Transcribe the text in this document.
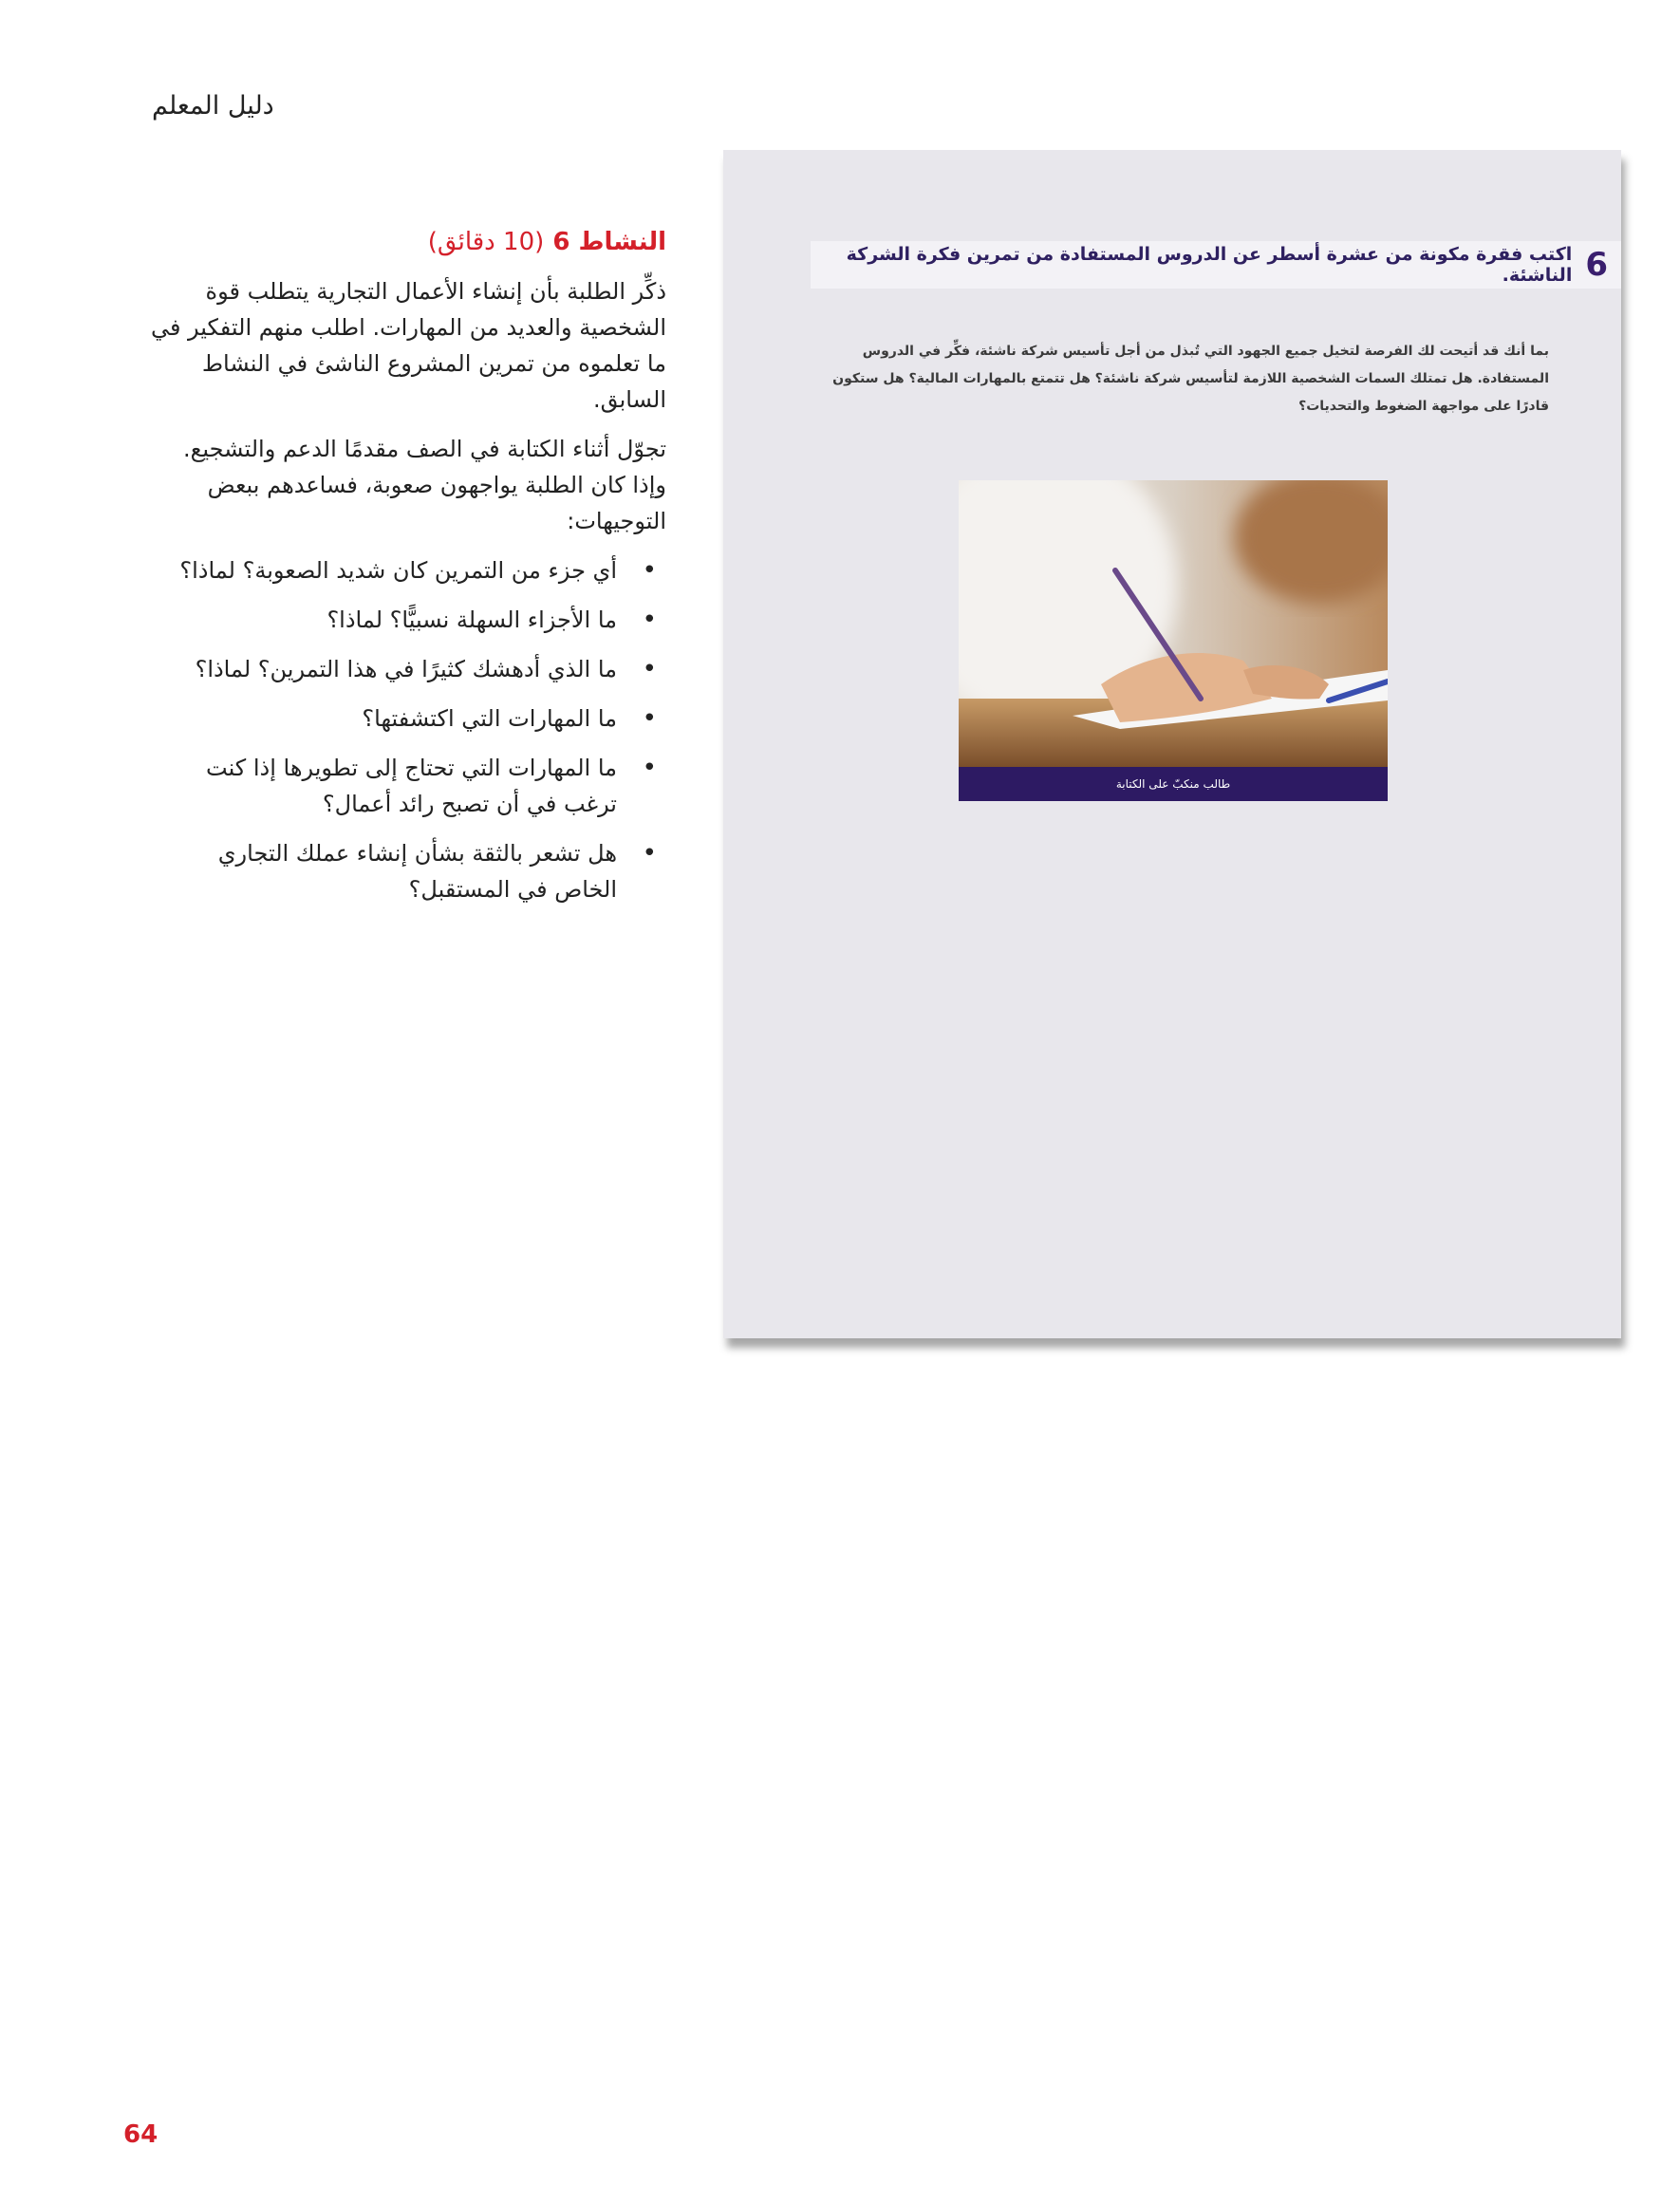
دليل المعلم
النشاط 6 (10 دقائق)

ذكِّر الطلبة بأن إنشاء الأعمال التجارية يتطلب قوة الشخصية والعديد من المهارات. اطلب منهم التفكير في ما تعلموه من تمرين المشروع الناشئ في النشاط السابق.

تجوّل أثناء الكتابة في الصف مقدمًا الدعم والتشجيع. وإذا كان الطلبة يواجهون صعوبة، فساعدهم ببعض التوجيهات:

• أي جزء من التمرين كان شديد الصعوبة؟ لماذا؟
• ما الأجزاء السهلة نسبيًّا؟ لماذا؟
• ما الذي أدهشك كثيرًا في هذا التمرين؟ لماذا؟
• ما المهارات التي اكتشفتها؟
• ما المهارات التي تحتاج إلى تطويرها إذا كنت ترغب في أن تصبح رائد أعمال؟
• هل تشعر بالثقة بشأن إنشاء عملك التجاري الخاص في المستقبل؟
6
اكتب فقرة مكونة من عشرة أسطر عن الدروس المستفادة من تمرين فكرة الشركة الناشئة.

بما أنك قد أتيحت لك الفرصة لتخيل جميع الجهود التي تُبذل من أجل تأسيس شركة ناشئة، فكِّر في الدروس المستفادة. هل تمتلك السمات الشخصية اللازمة لتأسيس شركة ناشئة؟ هل تتمتع بالمهارات المالية؟ هل ستكون قادرًا على مواجهة الضغوط والتحديات؟

طالب منكبّ على الكتابة
64
